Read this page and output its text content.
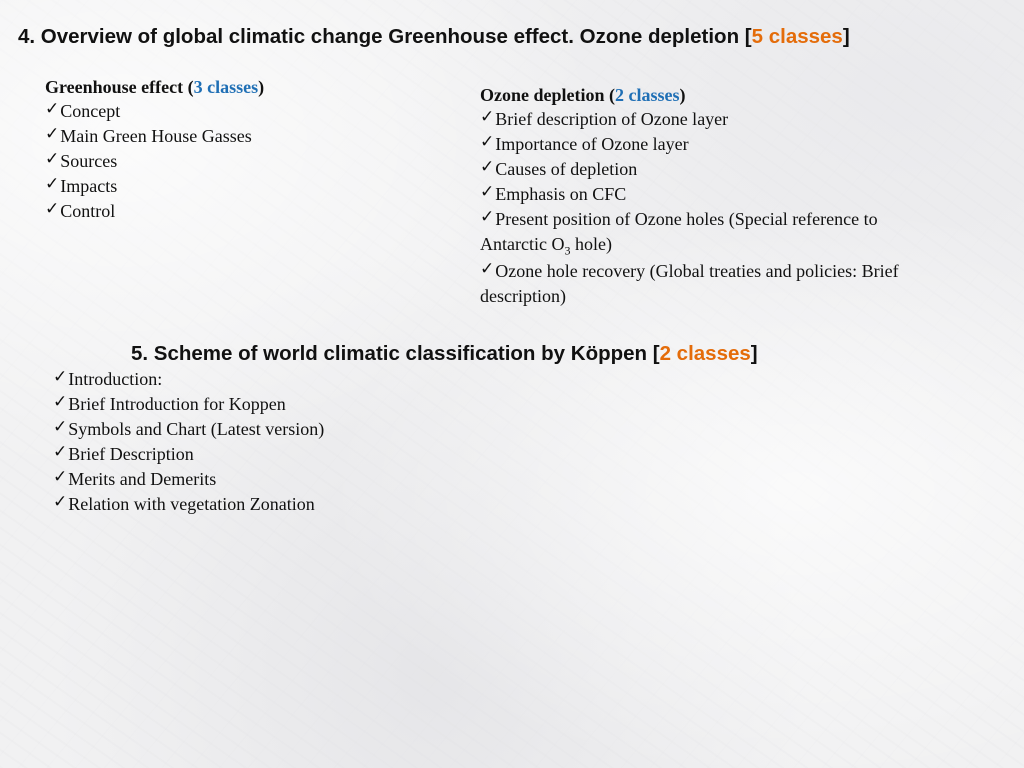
4. Overview of global climatic change Greenhouse effect. Ozone depletion [5 classes]
Greenhouse effect (3 classes)
✓Concept
✓Main Green House Gasses
✓Sources
✓Impacts
✓Control
Ozone depletion (2 classes)
✓Brief description of Ozone layer
✓Importance of Ozone layer
✓Causes of depletion
✓Emphasis on CFC
✓Present position of Ozone holes (Special reference to Antarctic $O_3$ hole)
✓Ozone hole recovery (Global treaties and policies: Brief description)
5. Scheme of world climatic classification by Köppen [2 classes]
✓Introduction:
✓Brief Introduction for Koppen
✓Symbols and Chart (Latest version)
✓Brief Description
✓Merits and Demerits
✓Relation with vegetation Zonation
